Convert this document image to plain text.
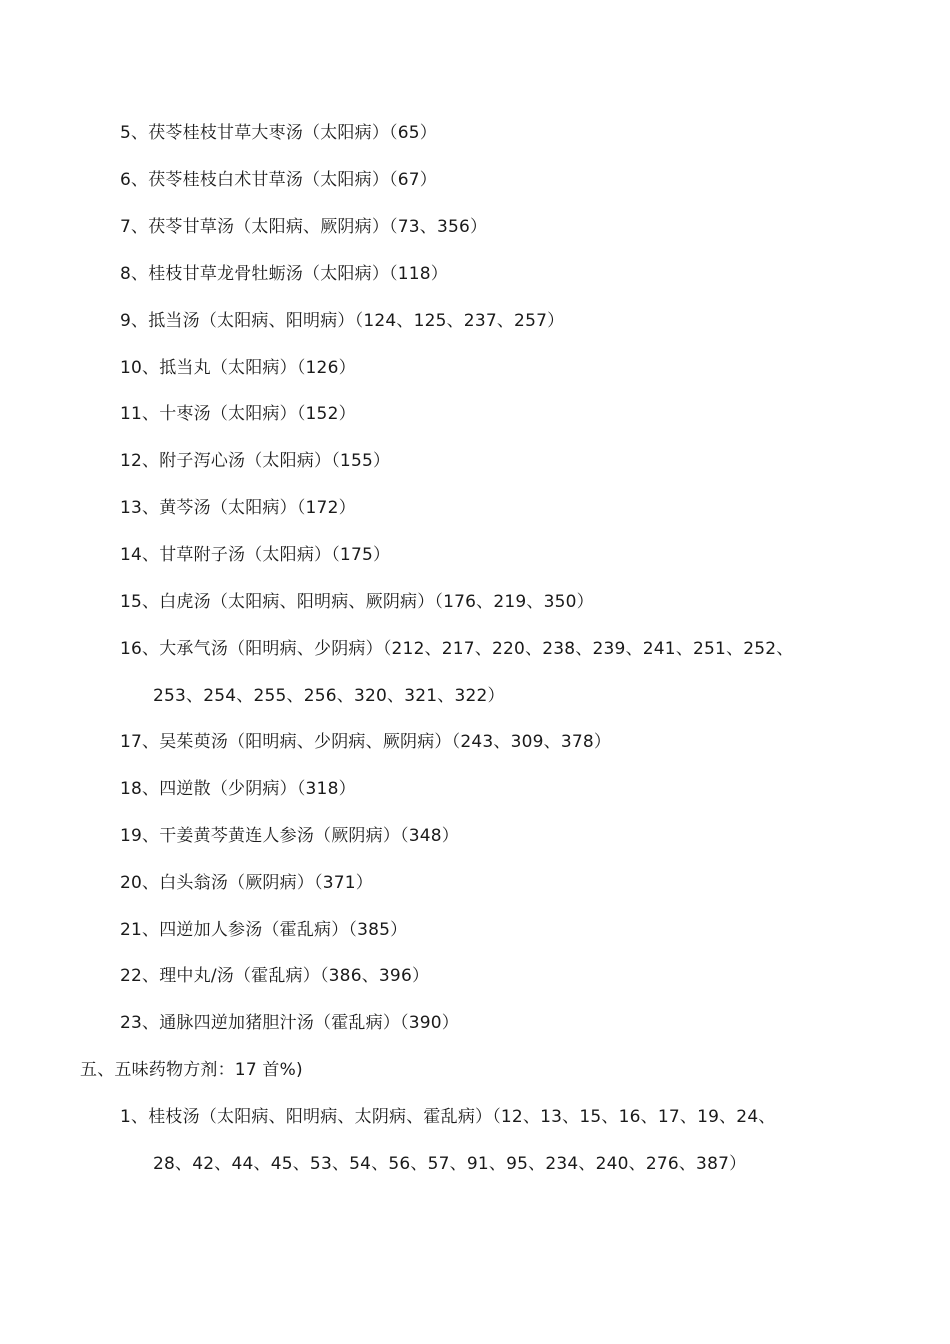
5、茯苓桂枝甘草大枣汤（太阳病）（65）
6、茯苓桂枝白术甘草汤（太阳病）（67）
7、茯苓甘草汤（太阳病、厥阴病）（73、356）
8、桂枝甘草龙骨牡蛎汤（太阳病）（118）
9、抵当汤（太阳病、阳明病）（124、125、237、257）
10、抵当丸（太阳病）（126）
11、十枣汤（太阳病）（152）
12、附子泻心汤（太阳病）（155）
13、黄芩汤（太阳病）（172）
14、甘草附子汤（太阳病）（175）
15、白虎汤（太阳病、阳明病、厥阴病）（176、219、350）
16、大承气汤（阳明病、少阴病）（212、217、220、238、239、241、251、252、
253、254、255、256、320、321、322）
17、吴茱萸汤（阳明病、少阴病、厥阴病）（243、309、378）
18、四逆散（少阴病）（318）
19、干姜黄芩黄连人参汤（厥阴病）（348）
20、白头翁汤（厥阴病）（371）
21、四逆加人参汤（霍乱病）（385）
22、理中丸/汤（霍乱病）（386、396）
23、通脉四逆加猪胆汁汤（霍乱病）（390）
五、五味药物方剂：17 首%)
1、桂枝汤（太阳病、阳明病、太阴病、霍乱病）（12、13、15、16、17、19、24、
28、42、44、45、53、54、56、57、91、95、234、240、276、387）
